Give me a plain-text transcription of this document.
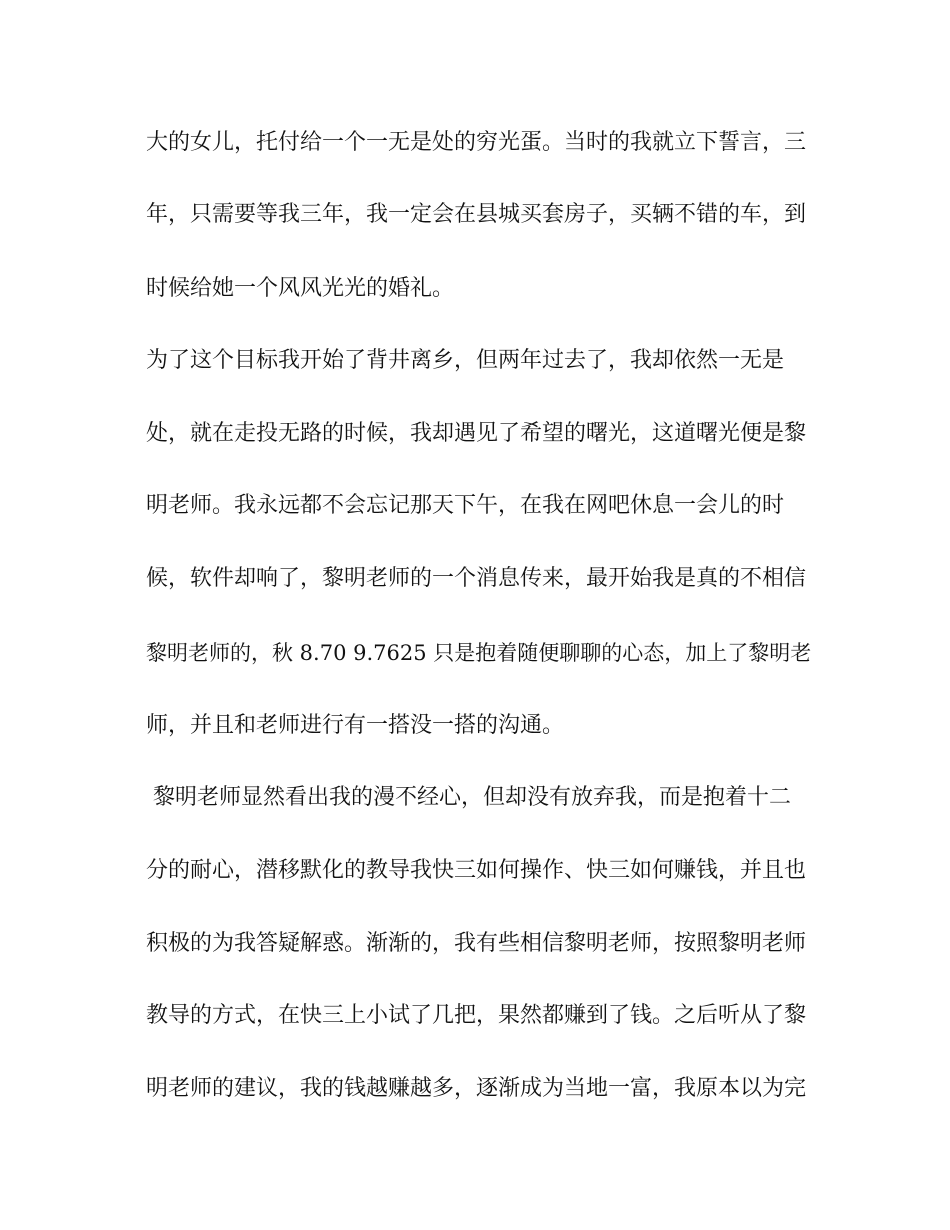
大的女儿，托付给一个一无是处的穷光蛋。当时的我就立下誓言，三
年，只需要等我三年，我一定会在县城买套房子，买辆不错的车，到
时候给她一个风风光光的婚礼。
为了这个目标我开始了背井离乡，但两年过去了，我却依然一无是
处，就在走投无路的时候，我却遇见了希望的曙光，这道曙光便是黎
明老师。我永远都不会忘记那天下午，在我在网吧休息一会儿的时
候，软件却响了，黎明老师的一个消息传来，最开始我是真的不相信
黎明老师的，秋 8.70 9.7625 只是抱着随便聊聊的心态，加上了黎明老
师，并且和老师进行有一搭没一搭的沟通。
黎明老师显然看出我的漫不经心，但却没有放弃我，而是抱着十二
分的耐心，潜移默化的教导我快三如何操作、快三如何赚钱，并且也
积极的为我答疑解惑。渐渐的，我有些相信黎明老师，按照黎明老师
教导的方式，在快三上小试了几把，果然都赚到了钱。之后听从了黎
明老师的建议，我的钱越赚越多，逐渐成为当地一富，我原本以为完
